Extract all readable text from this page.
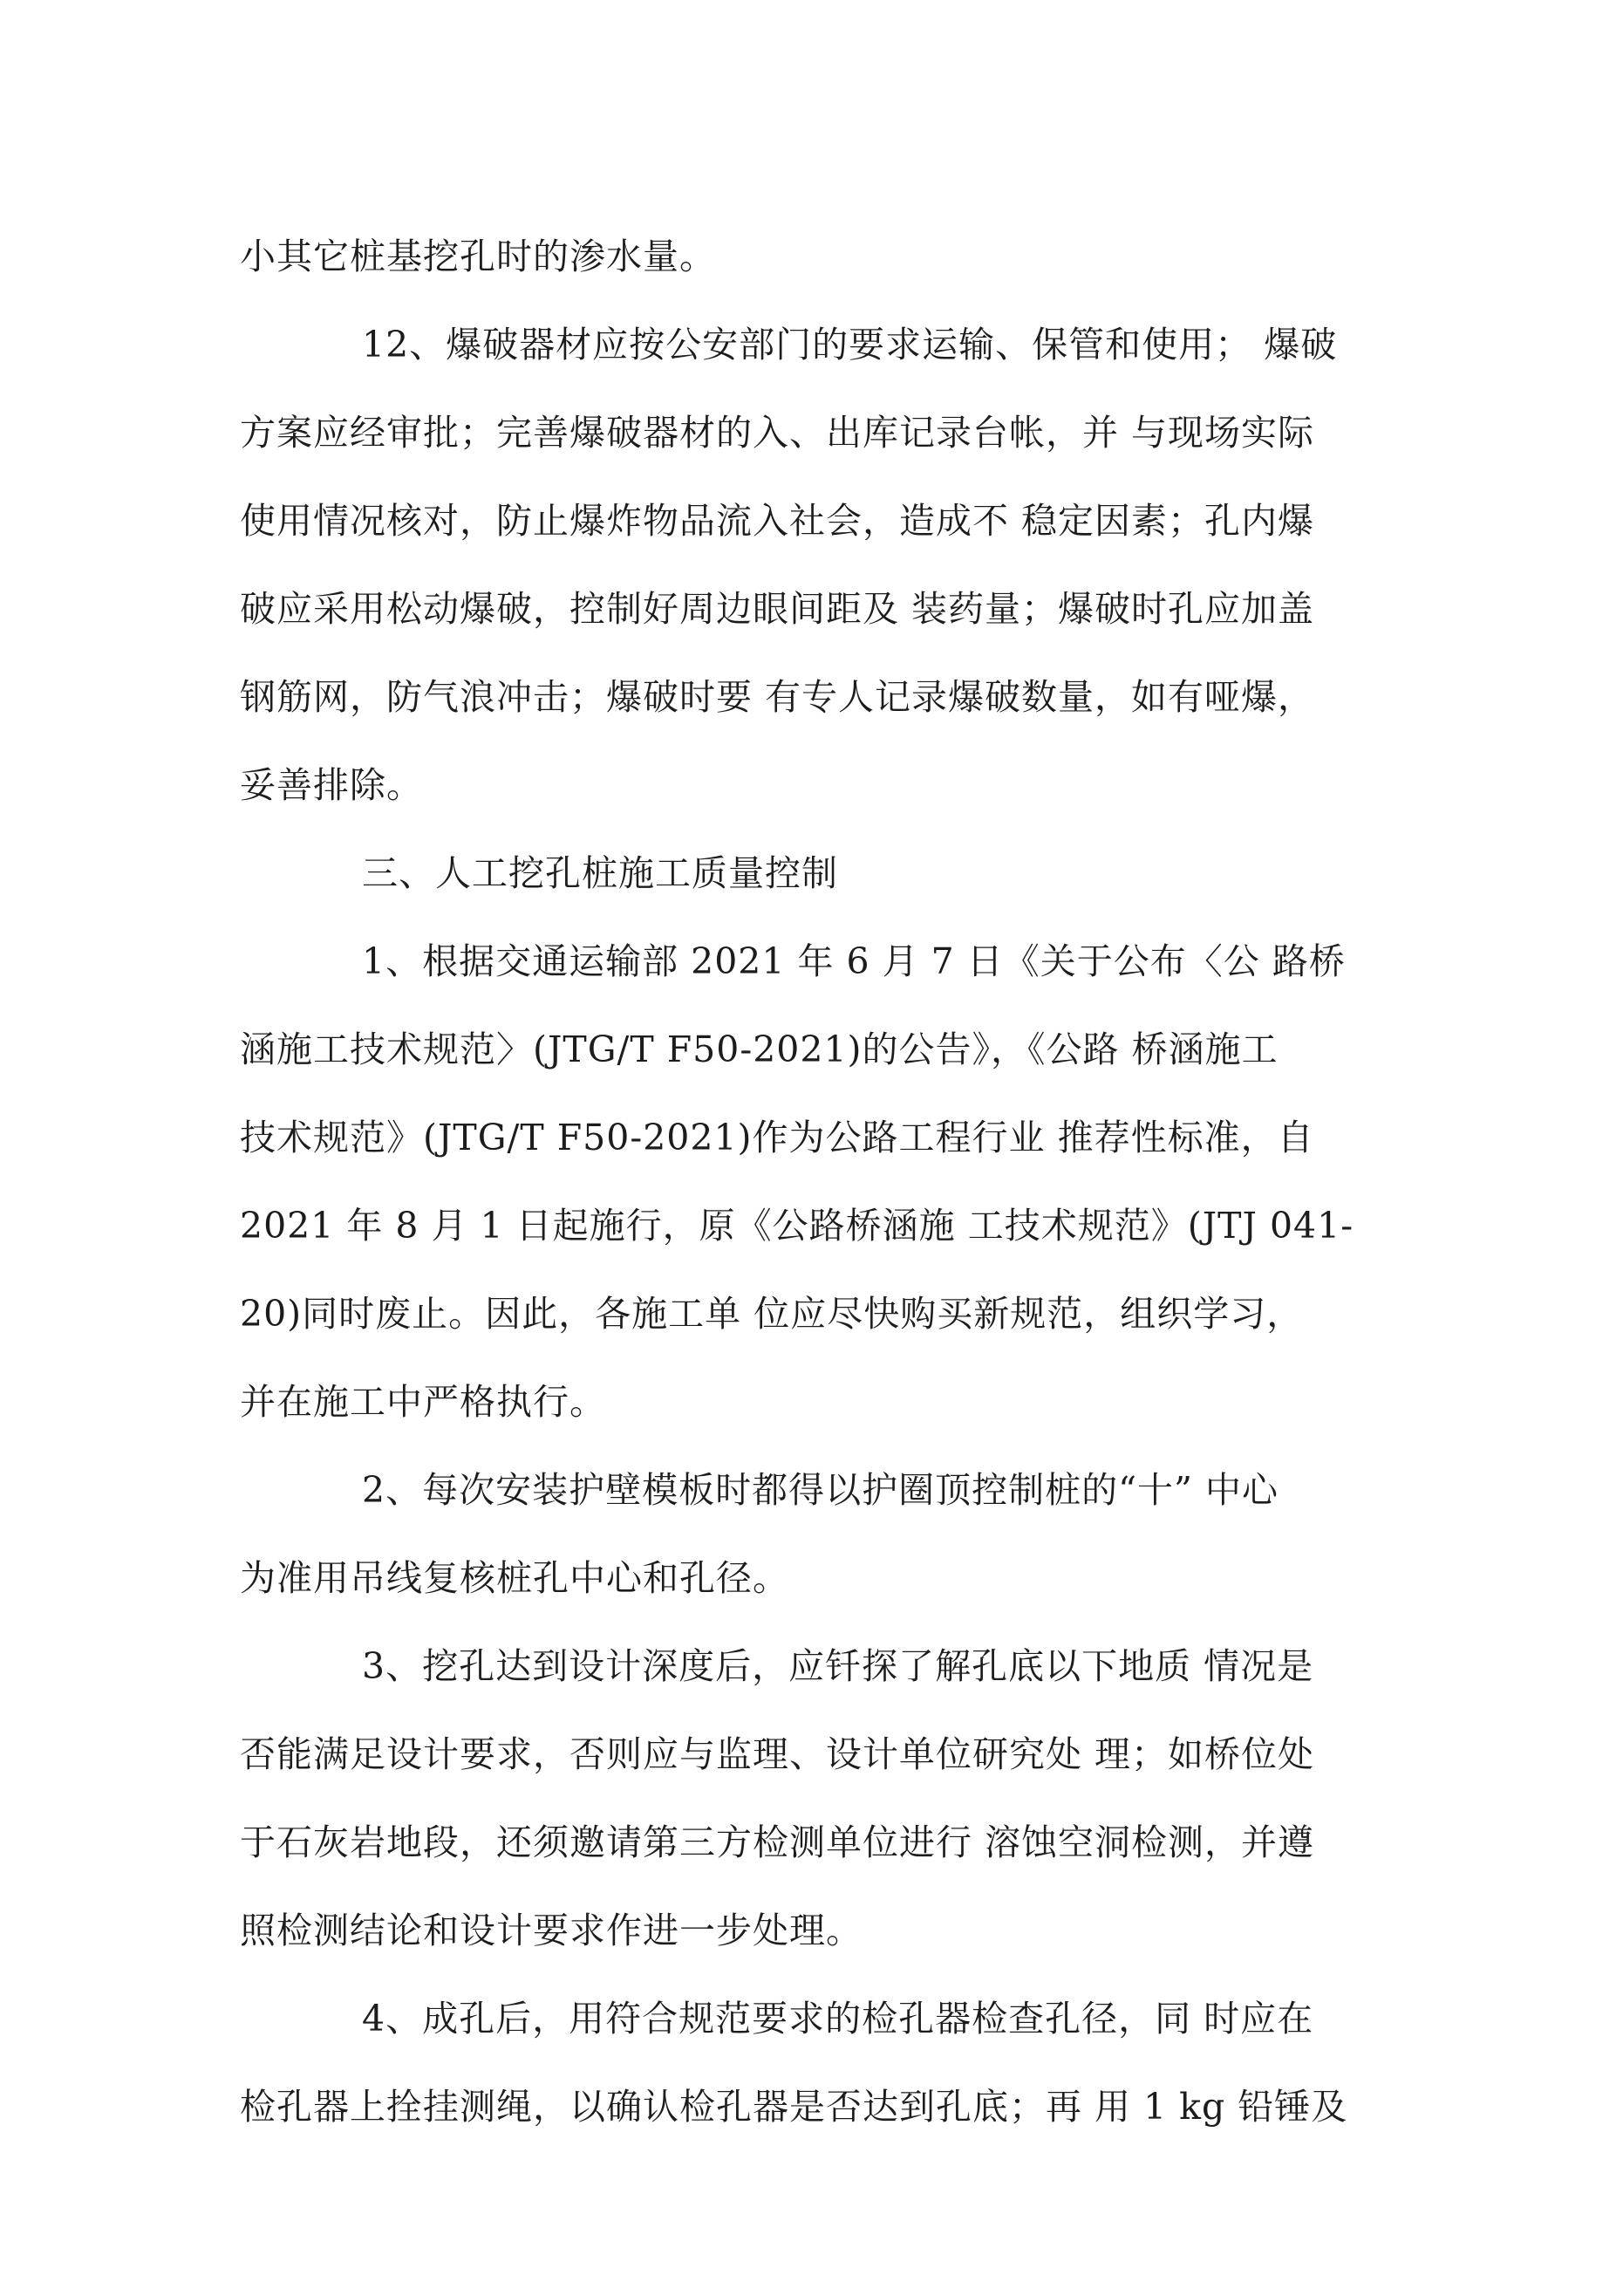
小其它桩基挖孔时的渗水量。
12、爆破器材应按公安部门的要求运输、保管和使用； 爆破
方案应经审批；完善爆破器材的入、出库记录台帐，并 与现场实际
使用情况核对，防止爆炸物品流入社会，造成不 稳定因素；孔内爆
破应采用松动爆破，控制好周边眼间距及 装药量；爆破时孔应加盖
钢筋网，防气浪冲击；爆破时要 有专人记录爆破数量，如有哑爆，
妥善排除。
三、人工挖孔桩施工质量控制
1、根据交通运输部 2021 年 6 月 7 日《关于公布〈公 路桥
涵施工技术规范〉(JTG/T F50-2021)的公告》，《公路 桥涵施工
技术规范》(JTG/T F50-2021)作为公路工程行业 推荐性标准，自
2021 年 8 月 1 日起施行，原《公路桥涵施 工技术规范》(JTJ 041-
20)同时废止。因此，各施工单 位应尽快购买新规范，组织学习，
并在施工中严格执行。
2、每次安装护壁模板时都得以护圈顶控制桩的“十” 中心
为准用吊线复核桩孔中心和孔径。
3、挖孔达到设计深度后，应钎探了解孔底以下地质 情况是
否能满足设计要求，否则应与监理、设计单位研究处 理；如桥位处
于石灰岩地段，还须邀请第三方检测单位进行 溶蚀空洞检测，并遵
照检测结论和设计要求作进一步处理。
4、成孔后，用符合规范要求的检孔器检查孔径，同 时应在
检孔器上拴挂测绳，以确认检孔器是否达到孔底；再 用 1 kg 铅锤及
